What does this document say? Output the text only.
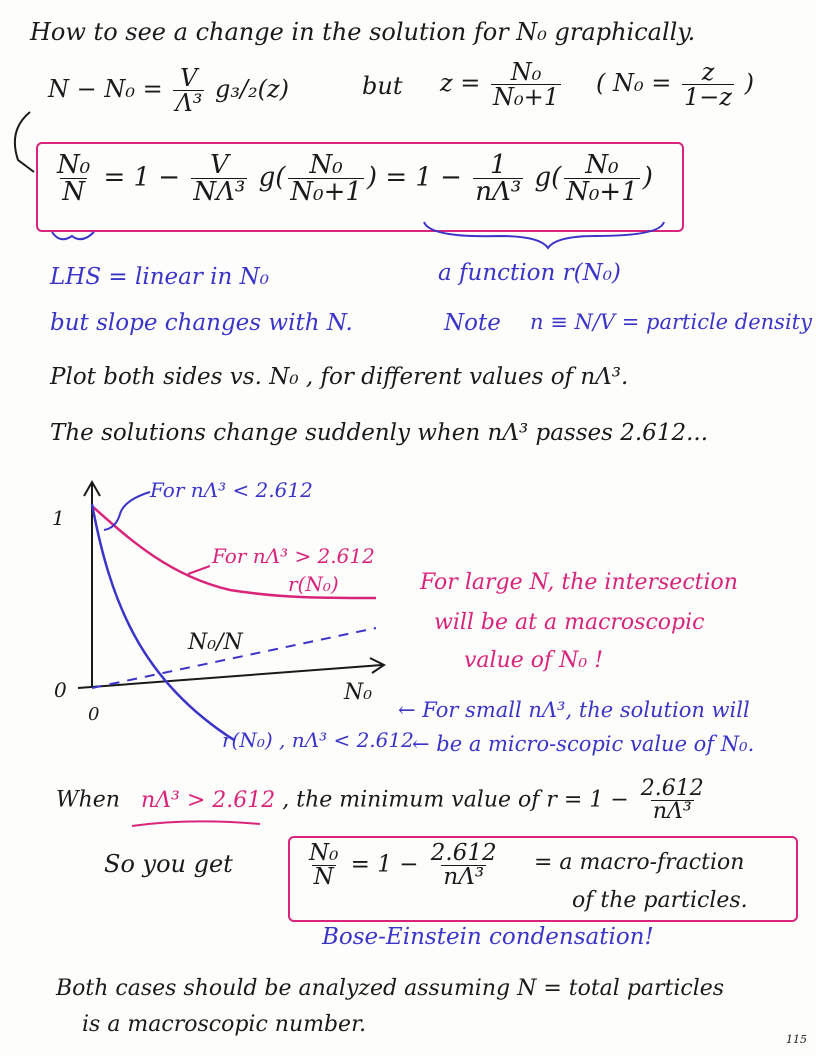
How to see a change in the solution for N₀ graphically.
$N - N_0 = \frac{V}{\text{Λ³}} g_3/_2(z)$	but $z = \frac{\text{N₀}}{\text{N₀+1}}$ ( $N_0 = \frac{z}{1-z}$ )
$\frac{\text{N₀}}{N} = 1 - \frac{V}{\text{NΛ³}} g( \frac{\text{N₀}}{\text{N₀+1}}$ ) = $1 - \frac{1}{\text{nΛ³}} g( \frac{\text{N₀}}{\text{N₀+1}}$ )
LHS = linear in N₀
but slope changes with N.
a function r(N₀)
Note n ≡ N/V = particle density
Plot both sides vs. N₀ , for different values of nΛ³.
The solutions change suddenly when nΛ³ passes 2.612...
1
0
0
N₀
For nΛ³ < 2.612
For nΛ³ > 2.612
r(N₀)
N₀/N
r(N₀) , nΛ³ < 2.612
For large N, the intersection
will be at a macroscopic
value of N₀ !
← For small nΛ³, the solution will
← be a micro-scopic value of N₀.
When nΛ³ > 2.612 , the minimum value of $r = 1 - \frac{2.612}{\text{nΛ³}}$
So you get	$\frac{\text{N₀}}{N} = 1 - \frac{2.612}{\text{nΛ³}} = a$ macro-fraction
of the particles.
Bose-Einstein condensation!
Both cases should be analyzed assuming N = total particles
is a macroscopic number.
115
